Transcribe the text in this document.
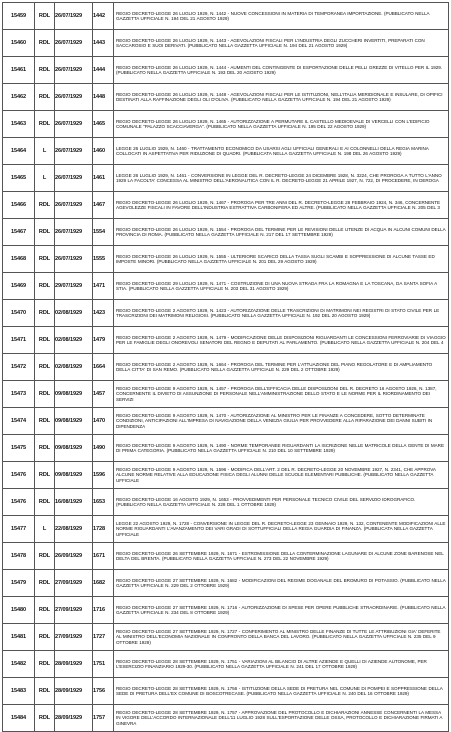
15459	RDL	26/07/1929	1442	REGIO DECRETO-LEGGE 26 LUGLIO 1929, N. 1442 - NUOVE CONCESSIONI IN MATERIA DI TEMPORANEA IMPORTAZIONE. (PUBBLICATO NELLA GAZZETTA UFFICIALE N. 194 DEL 21 AGOSTO 1929)
15460	RDL	26/07/1929	1443	REGIO DECRETO-LEGGE 26 LUGLIO 1929, N. 1443 - AGEVOLAZIONI FISCALI PER L'INDUSTRIA DEGLI ZUCCHERI INVERTITI, PREPARATI CON SACCAROSIO E SUOI DERIVATI. (PUBBLICATO NELLA GAZZETTA UFFICIALE N. 194 DEL 21 AGOSTO 1929)
15461	RDL	26/07/1929	1444	REGIO DECRETO-LEGGE 26 LUGLIO 1929, N. 1444 - AUMENTI DEL CONTINGENTE DI ESPORTAZIONE DELLE PELLI GREZZE DI VITELLO PER IL 1929. (PUBBLICATO NELLA GAZZETTA UFFICIALE N. 193 DEL 20 AGOSTO 1929)
15462	RDL	26/07/1929	1448	REGIO DECRETO-LEGGE 26 LUGLIO 1929, N. 1448 - AGEVOLAZIONI FISCALI PER LE ISTITUZIONI, NELL'ITALIA MERIDIONALE E INSULARE, DI OPIFICI DESTINATI ALLA RAFFINAZIONE DEGLI OLI D'OLIVA. (PUBBLICATO NELLA GAZZETTA UFFICIALE N. 194 DEL 21 AGOSTO 1929)
15463	RDL	26/07/1929	1465	REGIO DECRETO-LEGGE 26 LUGLIO 1929, N. 1465 - AUTORIZZAZIONE A PERMUTARE IL CASTELLO MEDIOEVALE DI VERCELLI CON L'EDIFICIO COMUNALE "PALAZZO SCACCIAVERGA". (PUBBLICATO NELLA GAZZETTA UFFICIALE N. 195 DEL 22 AGOSTO 1929)
15464	L	26/07/1929	1460	LEGGE 26 LUGLIO 1929, N. 1460 - TRATTAMENTO ECONOMICO DA USARSI AGLI UFFICIALI GENERALI E AI COLONNELLI DELLA REGIA MARINA COLLOCATI IN ASPETTATIVA PER RIDUZIONE DI QUADRI. (PUBBLICATA NELLA GAZZETTA UFFICIALE N. 198 DEL 26 AGOSTO 1929)
15465	L	26/07/1929	1461	LEGGE 26 LUGLIO 1929, N. 1461 - CONVERSIONE IN LEGGE DEL R. DECRETO-LEGGE 24 DICEMBRE 1928, N. 3224, CHE PROROGA A TUTTO L'ANNO 1929 LA FACOLTA' CONCESSA AL MINISTRO DELL'AERONAUTICA CON IL R. DECRETO-LEGGE 21 APRILE 1927, N. 722, DI PROCEDERE, IN DEROGA
15466	RDL	26/07/1929	1467	REGIO DECRETO-LEGGE 26 LUGLIO 1929, N. 1467 - PROROGA PER TRE ANNI DEL R. DECRETO-LEGGE 28 FEBBRAIO 1924, N. 346, CONCERNENTE AGEVOLEZZE FISCALI IN FAVORE DELL'INDUSTRIA ESTRATTIVA CARBONIFERA ED ALTRE. (PUBBLICATO NELLA GAZZETTA UFFICIALE N. 205 DEL 3
15467	RDL	26/07/1929	1554	REGIO DECRETO-LEGGE 26 LUGLIO 1929, N. 1554 - PROROGA DEL TERMINE PER LE REVISIONI DELLE UTENZE DI ACQUA IN ALCUNI COMUNI DELLA PROVINCIA DI ROMA. (PUBBLICATO NELLA GAZZETTA UFFICIALE N. 217 DEL 17 SETTEMBRE 1929)
15468	RDL	26/07/1929	1555	REGIO DECRETO-LEGGE 26 LUGLIO 1929, N. 1555 - ULTERIORE SCARICO DELLA TASSA SUGLI SCAMBI E SOPPRESSIONE DI ALCUNE TASSE ED IMPOSTE MINORI. (PUBBLICATO NELLA GAZZETTA UFFICIALE N. 201 DEL 29 AGOSTO 1929)
15469	RDL	29/07/1929	1471	REGIO DECRETO-LEGGE 29 LUGLIO 1929, N. 1471 - COSTRUZIONE DI UNA NUOVA STRADA FRA LA ROMAGNA E LA TOSCANA, DA SANTA SOFIA A STIA. (PUBBLICATO NELLA GAZZETTA UFFICIALE N. 203 DEL 31 AGOSTO 1929)
15470	RDL	02/08/1929	1423	REGIO DECRETO-LEGGE 2 AGOSTO 1929, N. 1423 - AUTORIZZAZIONE DELLE TRASCRIZIONI DI MATRIMONI NEI REGISTRI DI STATO CIVILE PER LE TRASCRIZIONI DEI MATRIMONI RELIGIOSI. (PUBBLICATO NELLA GAZZETTA UFFICIALE N. 192 DEL 20 AGOSTO 1929)
15471	RDL	02/08/1929	1479	REGIO DECRETO-LEGGE 2 AGOSTO 1929, N. 1479 - MODIFICAZIONE DELLE DISPOSIZIONI RIGUARDANTI LE CONCESSIONI FERROVIARIE DI VIAGGIO PER LE FAMIGLIE DEGLI ONOREVOLI SENATORI DEL REGNO E DEPUTATI AL PARLAMENTO. (PUBBLICATO NELLA GAZZETTA UFFICIALE N. 204 DEL 4
15472	RDL	02/08/1929	1664	REGIO DECRETO-LEGGE 2 AGOSTO 1929, N. 1664 - PROROGA DEL TERMINE PER L'ATTUAZIONE DEL PIANO REGOLATORE E DI AMPLIAMENTO DELLA CITTA' DI SAN REMO. (PUBBLICATO NELLA GAZZETTA UFFICIALE N. 229 DEL 2 OTTOBRE 1929)
15473	RDL	09/08/1929	1457	REGIO DECRETO-LEGGE 9 AGOSTO 1929, N. 1457 - PROROGA DELL'EFFICACIA DELLE DISPOSIZIONI DEL R. DECRETO 16 AGOSTO 1926, N. 1387, CONCERNENTE IL DIVIETO DI ASSUNZIONE DI PERSONALE NELL'AMMINISTRAZIONE DELLO STATO E LE NORME PER IL RIORDINAMENTO DEI SERVIZI
15474	RDL	09/08/1929	1470	REGIO DECRETO-LEGGE 9 AGOSTO 1929, N. 1470 - AUTORIZZAZIONE AL MINISTRO PER LE FINANZE A CONCEDERE, SOTTO DETERMINATE CONDIZIONI, ANTICIPAZIONI ALL'IMPRESA DI NAVIGAZIONE DELLA VENEZIA GIULIA PER PROVVEDERE ALLA RIPARAZIONE DEI DANNI SUBITI IN DIPENDENZA
15475	RDL	09/08/1929	1490	REGIO DECRETO-LEGGE 9 AGOSTO 1929, N. 1490 - NORME TEMPORANEE RIGUARDANTI LA ISCRIZIONE NELLE MATRICOLE DELLA GENTE DI MARE DI PRIMA CATEGORIA. (PUBBLICATO NELLA GAZZETTA UFFICIALE N. 210 DEL 10 SETTEMBRE 1929)
15476	RDL	09/08/1929	1596	REGIO DECRETO-LEGGE 9 AGOSTO 1929, N. 1596 - MODIFICA DELL'ART. 2 DEL R. DECRETO-LEGGE 20 NOVEMBRE 1927, N. 2341, CHE APPROVA ALCUNE NORME RELATIVE ALLA EDUCAZIONE FISICA DEGLI ALUNNI DELLE SCUOLE ELEMENTARI PUBBLICHE. (PUBBLICATO NELLA GAZZETTA UFFICIALE
15476	RDL	16/08/1929	1653	REGIO DECRETO-LEGGE 16 AGOSTO 1929, N. 1653 - PROVVEDIMENTI PER PERSONALE TECNICO CIVILE DEL SERVIZIO IDROGRAFICO. (PUBBLICATO NELLA GAZZETTA UFFICIALE N. 228 DEL 1 OTTOBRE 1929)
15477	L	22/08/1929	1728	LEGGE 22 AGOSTO 1929, N. 1728 - CONVERSIONE IN LEGGE DEL R. DECRETO-LEGGE 23 GENNAIO 1929, N. 132, CONTENENTE MODIFICAZIONI ALLE NORME RIGUARDANTI L'AVANZAMENTO DEI VARI GRADI DI SOTTUFFICIALI DELLA REGIA GUARDIA DI FINANZA. (PUBBLICATA NELLA GAZZETTA UFFICIALE
15478	RDL	26/09/1929	1671	REGIO DECRETO-LEGGE 26 SETTEMBRE 1929, N. 1671 - ESTROMISSIONE DELLA CONTERMINAZIONE LAGUNARE DI ALCUNE ZONE BARENOSE NEL DELTA DEL BRENTA. (PUBBLICATO NELLA GAZZETTA UFFICIALE N. 273 DEL 22 NOVEMBRE 1929)
15479	RDL	27/09/1929	1682	REGIO DECRETO-LEGGE 27 SETTEMBRE 1929, N. 1682 - MODIFICAZIONI DEL REGIME DOGANALE DEL BROMURO DI POTASSIO. (PUBBLICATO NELLA GAZZETTA UFFICIALE N. 229 DEL 2 OTTOBRE 1929)
15480	RDL	27/09/1929	1716	REGIO DECRETO-LEGGE 27 SETTEMBRE 1929, N. 1716 - AUTORIZZAZIONE DI SPESE PER OPERE PUBBLICHE STRAORDINARIE. (PUBBLICATO NELLA GAZZETTA UFFICIALE N. 234 DEL 8 OTTOBRE 1929)
15481	RDL	27/09/1929	1727	REGIO DECRETO-LEGGE 27 SETTEMBRE 1929, N. 1727 - CONFERIMENTO AL MINISTRO DELLE FINANZE DI TUTTE LE ATTRIBUZIONI GIA' DEFERITE AL MINISTRO DELL'ECONOMIA NAZIONALE IN CONFRONTO DELLA BANCA DEL LAVORO. (PUBBLICATO NELLA GAZZETTA UFFICIALE N. 235 DEL 9 OTTOBRE 1929)
15482	RDL	28/09/1929	1751	REGIO DECRETO-LEGGE 28 SETTEMBRE 1929, N. 1751 - VARIAZIONI AL BILANCIO DI ALTRE AZIENDE E QUELLI DI AZIENDE AUTONOME, PER L'ESERCIZIO FINANZIARIO 1929-30. (PUBBLICATO NELLA GAZZETTA UFFICIALE N. 241 DEL 17 OTTOBRE 1929)
15483	RDL	28/09/1929	1756	REGIO DECRETO-LEGGE 28 SETTEMBRE 1929, N. 1756 - ISTITUZIONE DELLA SEDE DI PRETURA NEL COMUNE DI POMPEI E SOPPRESSIONE DELLA SEDE DI PRETURA DELL'EX COMUNE DI BOSCOTRECASE. (PUBBLICATO NELLA GAZZETTA UFFICIALE N. 240 DEL 16 OTTOBRE 1929)
15484	RDL	28/09/1929	1757	REGIO DECRETO-LEGGE 28 SETTEMBRE 1929, N. 1757 - APPROVAZIONE DEL PROTOCOLLO E DICHIARAZIONI ANNESSE CONCERNENTI LA MESSA IN VIGORE DELL'ACCORDO INTERNAZIONALE DELL'11 LUGLIO 1928 SULL'ESPORTAZIONE DELLE OSSA, PROTOCOLLO E DICHIARAZIONE FIRMATI A GINEVRA
